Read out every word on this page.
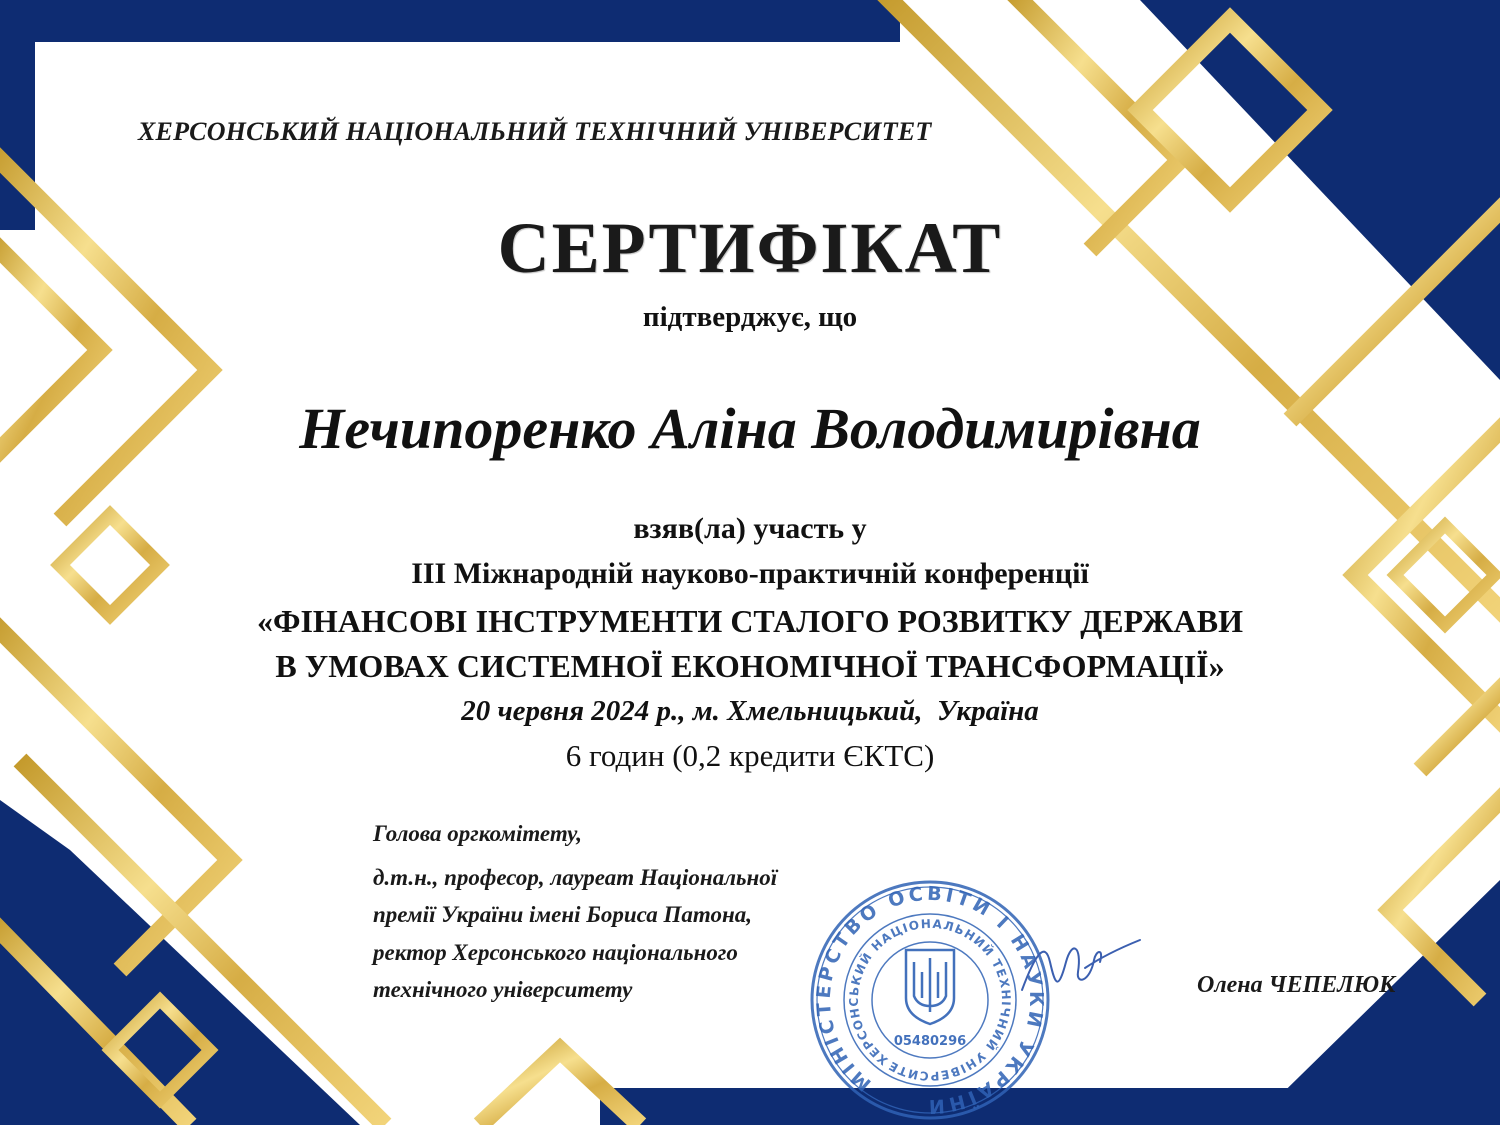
ХЕРСОНСЬКИЙ НАЦІОНАЛЬНИЙ ТЕХНІЧНИЙ УНІВЕРСИТЕТ
СЕРТИФІКАТ
підтверджує, що
Нечипоренко Аліна Володимирівна
взяв(ла) участь у
III Міжнародній науково-практичній конференції
«ФІНАНСОВІ ІНСТРУМЕНТИ СТАЛОГО РОЗВИТКУ ДЕРЖАВИ
В УМОВАХ СИСТЕМНОЇ ЕКОНОМІЧНОЇ ТРАНСФОРМАЦІЇ»
20 червня 2024 р., м. Хмельницький,  Україна
6 годин (0,2 кредити ЄКТС)
Голова оргкомітету,
д.т.н., професор, лауреат Національної
премії України імені Бориса Патона,
ректор Херсонського національного
технічного університету	Олена ЧЕПЕЛЮК
МІНІСТЕРСТВО ОСВІТИ І НАУКИ УКРАЇНИ
ХЕРСОНСЬКИЙ НАЦІОНАЛЬНИЙ ТЕХНІЧНИЙ УНІВЕРСИТЕ
05480296
